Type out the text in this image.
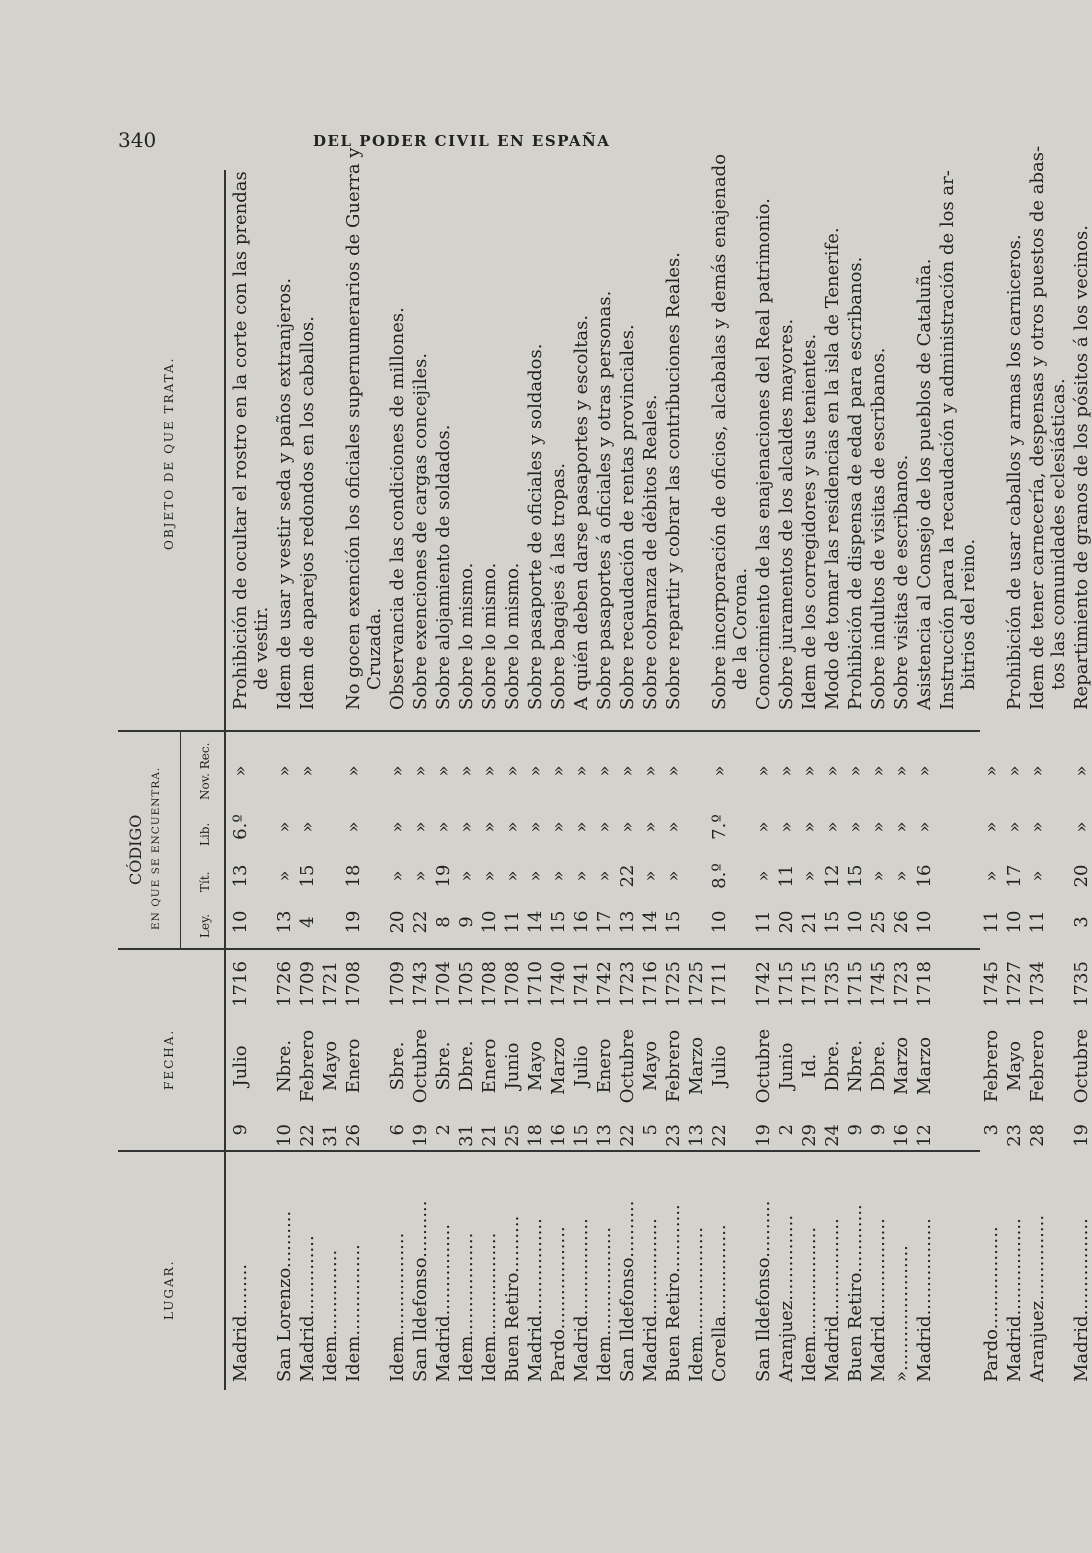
340	DEL PODER CIVIL EN ESPAÑA
LUGAR.
FECHA.
CÓDIGO EN QUE SE ENCUENTRA.	Ley.
Tít.
Lib.
Nov. Rec.
OBJETO DE QUE TRATA.
Madrid.........
9
Julio
1716
10
13
6.º
»
Prohibición de ocultar el rostro en la corte con las prendas de vestir.
San Lorenzo..........
10
Nbre.
1726
13
»
»
»
Idem de usar y vestir seda y paños extranjeros.
Madrid..............
22
Febrero
1709
4
15
»
»
Idem de aparejos redondos en los caballos.
Idem...............
31
Mayo
1721
Idem................
26
Enero
1708
19
18
»
»
No gocen exención los oficiales supernumerarios de Guerra y Cruzada.
Idem..................
6
Sbre.
1709
20
»
»
»
Observancia de las condiciones de millones.
San Ildefonso..........
19
Octubre
1743
22
»
»
»
Sobre exenciones de cargas concejiles.
Madrid................
2
Sbre.
1704
8
19
»
»
Sobre alojamiento de soldados.
Idem..................
31
Dbre.
1705
9
»
»
»
Sobre lo mismo.
Idem..................
21
Enero
1708
10
»
»
»
Sobre lo mismo.
Buen Retiro..........
25
Junio
1708
11
»
»
»
Sobre lo mismo.
Madrid.................
18
Mayo
1710
14
»
»
»
Sobre pasaporte de oficiales y soldados.
Pardo..................
16
Marzo
1740
15
»
»
»
Sobre bagajes á las tropas.
Madrid.................
15
Julio
1741
16
»
»
»
A quién deben darse pasaportes y escoltas.
Idem...................
13
Enero
1742
17
»
»
»
Sobre pasaportes á oficiales y otras personas.
San Ildefonso..........
22
Octubre
1723
13
22
»
»
Sobre recaudación de rentas provinciales.
Madrid.................
5
Mayo
1716
14
»
»
»
Sobre cobranza de débitos Reales.
Buen Retiro............
23
Febrero
1725
15
»
»
»
Sobre repartir y cobrar las contribuciones Reales.
Idem...................
13
Marzo
1725
Corella................
22
Julio
1711
10
8.º
7.º
»
Sobre incorporación de oficios, alcabalas y demás enajenado de la Corona.
San Ildefonso..........
19
Octubre
1742
11
»
»
»
Conocimiento de las enajenaciones del Real patrimonio.
Aranjuez...............
2
Junio
1715
20
11
»
»
Sobre juramentos de los alcaldes mayores.
Idem...................
29
Id.
1715
21
»
»
»
Idem de los corregidores y sus tenientes.
Madrid.................
24
Dbre.
1735
15
12
»
»
Modo de tomar las residencias en la isla de Tenerife.
Buen Retiro............
9
Nbre.
1715
10
15
»
»
Prohibición de dispensa de edad para escribanos.
Madrid.................
9
Dbre.
1745
25
»
»
»
Sobre indultos de visitas de escribanos.
»......................
16
Marzo
1723
26
»
»
»
Sobre visitas de escribanos.
Madrid.................
12
Marzo
1718
10
16
»
»
Asistencia al Consejo de los pueblos de Cataluña. Instrucción para la recaudación y administración de los ar- bitrios del reino.
Pardo..................
3
Febrero
1745
11
»
»
»
Madrid.................
23
Mayo
1727
10
17
»
»
Prohibición de usar caballos y armas los carniceros.
Aranjuez...............
28
Febrero
1734
11
»
»
»
Idem de tener carnecería, despensas y otros puestos de abas- tos las comunidades eclesiásticas.
Madrid.................
19
Octubre
1735
3
20
»
»
Repartimiento de granos de los pósitos á los vecinos.
